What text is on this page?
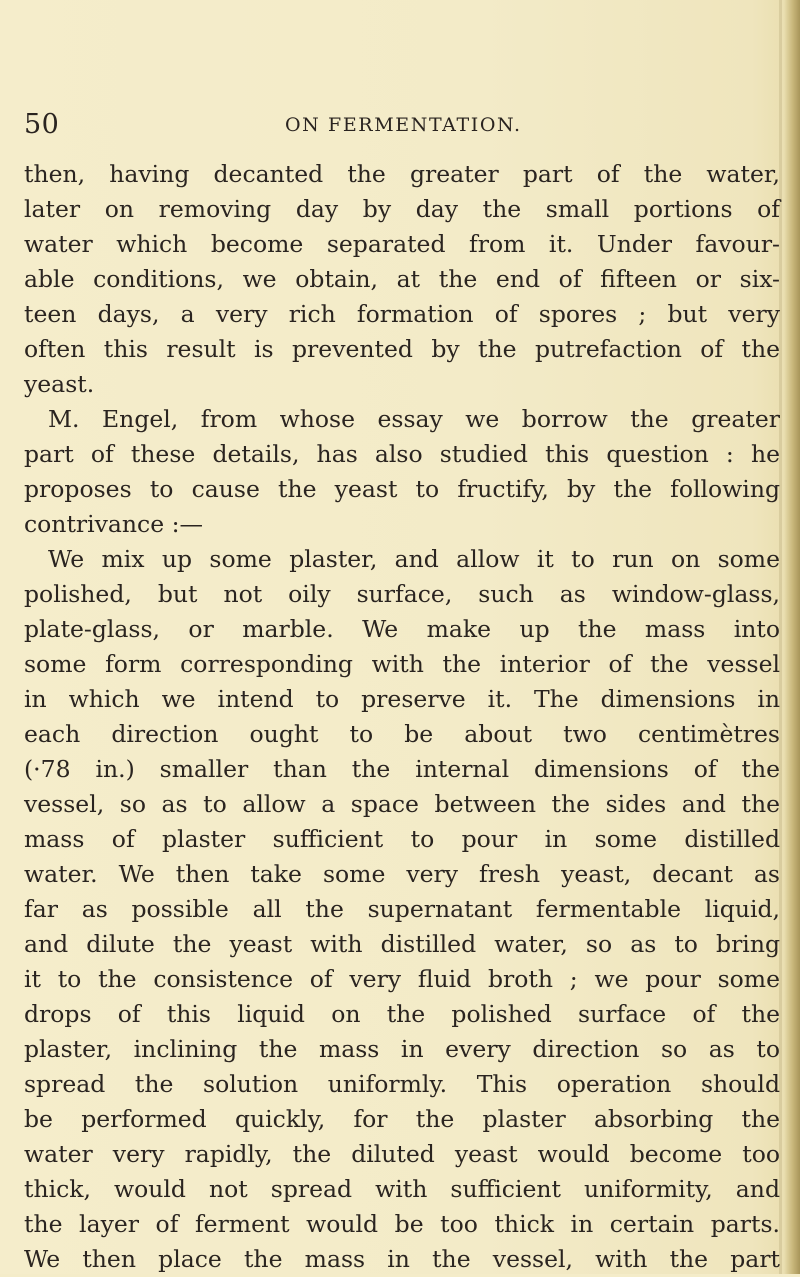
50	ON FERMENTATION.
then, having decanted the greater part of the water,
later on removing day by day the small portions of
water which become separated from it. Under favour-
able conditions, we obtain, at the end of fifteen or six-
teen days, a very rich formation of spores ; but very
often this result is prevented by the putrefaction of the
yeast.
M. Engel, from whose essay we borrow the greater
part of these details, has also studied this question : he
proposes to cause the yeast to fructify, by the following
contrivance :—
We mix up some plaster, and allow it to run on some
polished, but not oily surface, such as window-glass,
plate-glass, or marble. We make up the mass into
some form corresponding with the interior of the vessel
in which we intend to preserve it. The dimensions in
each direction ought to be about two centimètres
(·78 in.) smaller than the internal dimensions of the
vessel, so as to allow a space between the sides and the
mass of plaster sufficient to pour in some distilled
water. We then take some very fresh yeast, decant as
far as possible all the supernatant fermentable liquid,
and dilute the yeast with distilled water, so as to bring
it to the consistence of very fluid broth ; we pour some
drops of this liquid on the polished surface of the
plaster, inclining the mass in every direction so as to
spread the solution uniformly. This operation should
be performed quickly, for the plaster absorbing the
water very rapidly, the diluted yeast would become too
thick, would not spread with sufficient uniformity, and
the layer of ferment would be too thick in certain parts.
We then place the mass in the vessel, with the part
